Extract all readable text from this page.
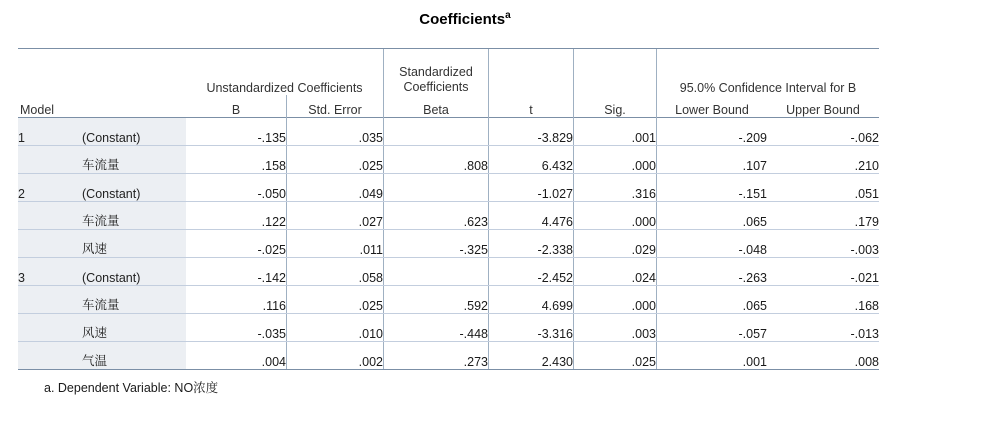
Coefficients$^a$
		Unstandardized Coefficients		Standardized
Coefficients			95.0% Confidence Interval for B	
Model		B	Std. Error	Beta	t	Sig.	Lower Bound	Upper Bound
1	(Constant)	-.135	.035		-3.829	.001	-.209	-.062
	车流量	.158	.025	.808	6.432	.000	.107	.210
2	(Constant)	-.050	.049		-1.027	.316	-.151	.051
	车流量	.122	.027	.623	4.476	.000	.065	.179
	风速	-.025	.011	-.325	-2.338	.029	-.048	-.003
3	(Constant)	-.142	.058		-2.452	.024	-.263	-.021
	车流量	.116	.025	.592	4.699	.000	.065	.168
	风速	-.035	.010	-.448	-3.316	.003	-.057	-.013
	气温	.004	.002	.273	2.430	.025	.001	.008
a. Dependent Variable: NO浓度
